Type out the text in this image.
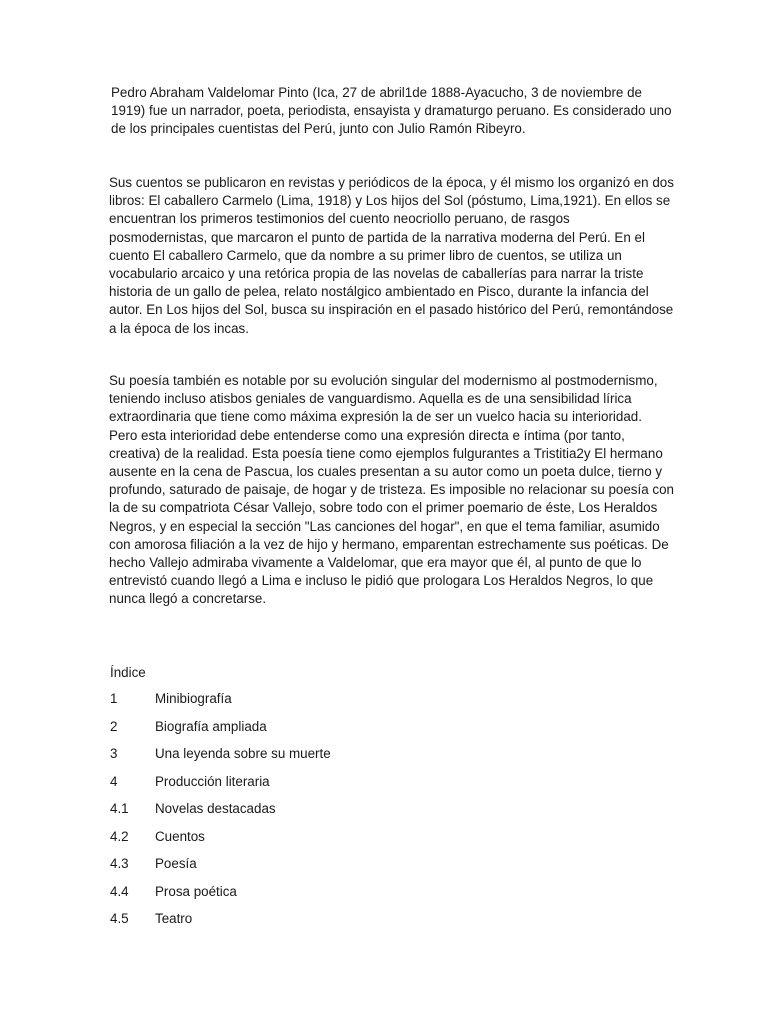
Pedro Abraham Valdelomar Pinto (Ica, 27 de abril1de 1888-Ayacucho, 3 de noviembre de
1919) fue un narrador, poeta, periodista, ensayista y dramaturgo peruano. Es considerado uno
de los principales cuentistas del Perú, junto con Julio Ramón Ribeyro.

Sus cuentos se publicaron en revistas y periódicos de la época, y él mismo los organizó en dos
libros: El caballero Carmelo (Lima, 1918) y Los hijos del Sol (póstumo, Lima,1921). En ellos se
encuentran los primeros testimonios del cuento neocriollo peruano, de rasgos
posmodernistas, que marcaron el punto de partida de la narrativa moderna del Perú. En el
cuento El caballero Carmelo, que da nombre a su primer libro de cuentos, se utiliza un
vocabulario arcaico y una retórica propia de las novelas de caballerías para narrar la triste
historia de un gallo de pelea, relato nostálgico ambientado en Pisco, durante la infancia del
autor. En Los hijos del Sol, busca su inspiración en el pasado histórico del Perú, remontándose
a la época de los incas.

Su poesía también es notable por su evolución singular del modernismo al postmodernismo,
teniendo incluso atisbos geniales de vanguardismo. Aquella es de una sensibilidad lírica
extraordinaria que tiene como máxima expresión la de ser un vuelco hacia su interioridad.
Pero esta interioridad debe entenderse como una expresión directa e íntima (por tanto,
creativa) de la realidad. Esta poesía tiene como ejemplos fulgurantes a Tristitia2y El hermano
ausente en la cena de Pascua, los cuales presentan a su autor como un poeta dulce, tierno y
profundo, saturado de paisaje, de hogar y de tristeza. Es imposible no relacionar su poesía con
la de su compatriota César Vallejo, sobre todo con el primer poemario de éste, Los Heraldos
Negros, y en especial la sección "Las canciones del hogar", en que el tema familiar, asumido
con amorosa filiación a la vez de hijo y hermano, emparentan estrechamente sus poéticas. De
hecho Vallejo admiraba vivamente a Valdelomar, que era mayor que él, al punto de que lo
entrevistó cuando llegó a Lima e incluso le pidió que prologara Los Heraldos Negros, lo que
nunca llegó a concretarse.

Índice
1	Minibiografía
2	Biografía ampliada
3	Una leyenda sobre su muerte
4	Producción literaria
4.1 Novelas destacadas
4.2 Cuentos
4.3 Poesía
4.4 Prosa poética
4.5 Teatro
